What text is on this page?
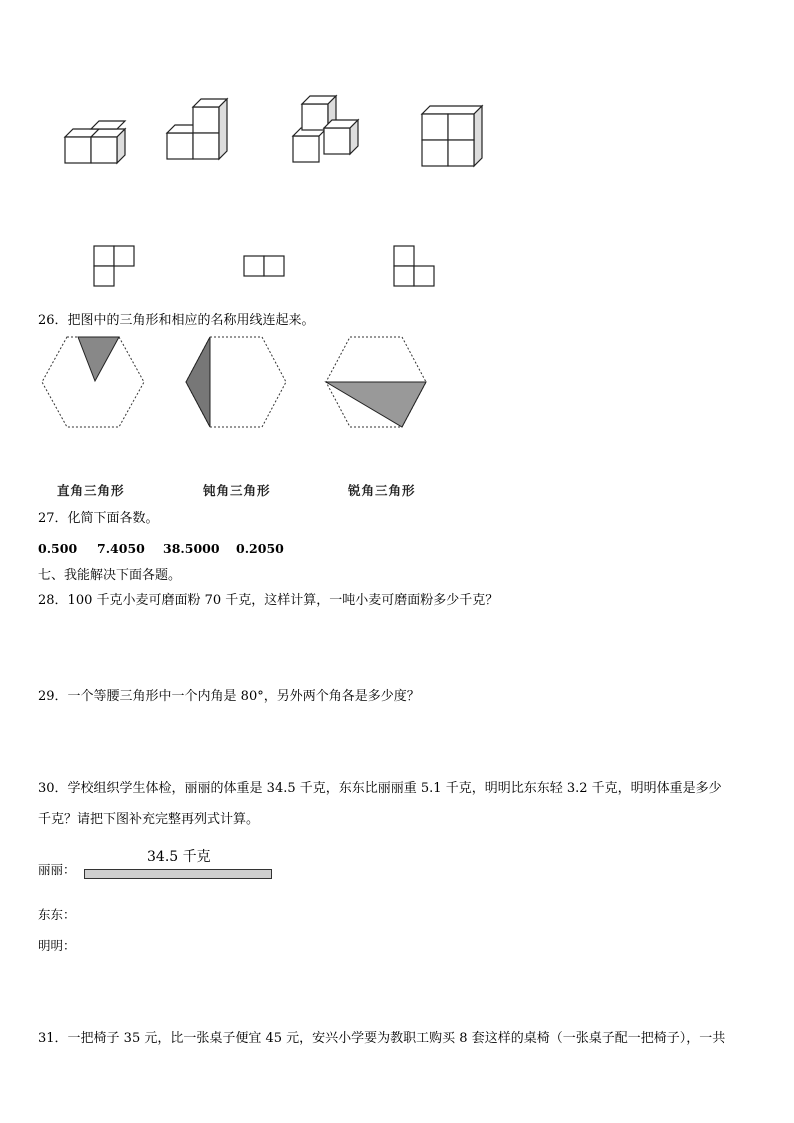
26．把图中的三角形和相应的名称用线连起来。
直角三角形	钝角三角形	锐角三角形
27．化简下面各数。
0.500 7.4050 38.5000 0.2050
七、我能解决下面各题。
28．100 千克小麦可磨面粉 70 千克，这样计算，一吨小麦可磨面粉多少千克？
29．一个等腰三角形中一个内角是 80°，另外两个角各是多少度？
30．学校组织学生体检，丽丽的体重是 34.5 千克，东东比丽丽重 5.1 千克，明明比东东轻 3.2 千克，明明体重是多少
千克？请把下图补充完整再列式计算。
34.5 千克
丽丽：
东东：
明明：
31．一把椅子 35 元，比一张桌子便宜 45 元，安兴小学要为教职工购买 8 套这样的桌椅（一张桌子配一把椅子），一共
